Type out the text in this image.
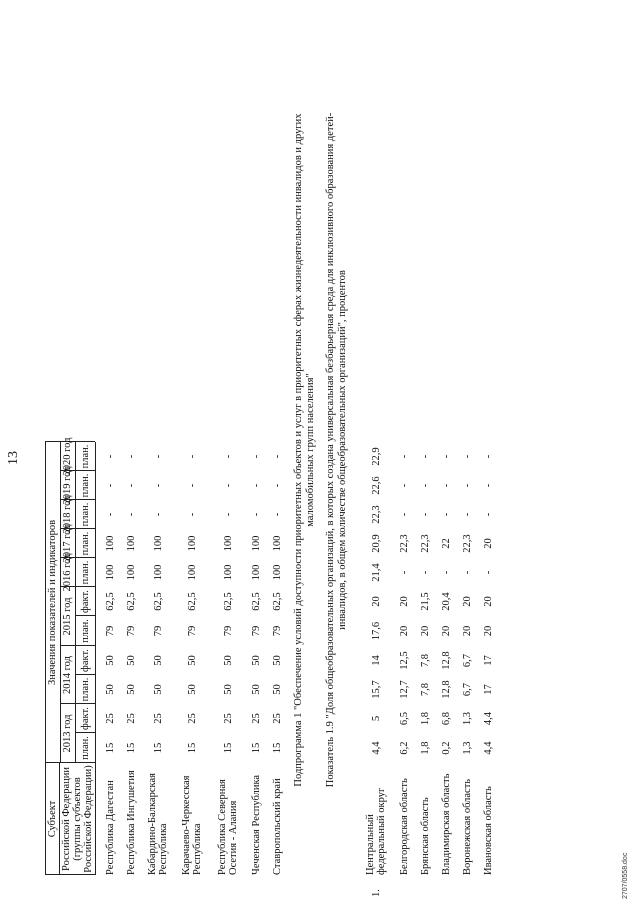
13
2013 год
2014 год
2015 год
2016 год
2017 год
2018 год
2019 год
2020 год
план.
факт.
план.
факт.
план.
факт.
план.
план.
план.
план.
план.
Субъект Российской Федерации (группы субъектов Российской Федерации)
Значения показателей и индикаторов
Республика Дагестан
15
25
50
50
79
62,5
100
100
-
-
-
Республика Ингушетия
15
25
50
50
79
62,5
100
100
-
-
-
Кабардино-Балкарская Республика
15
25
50
50
79
62,5
100
100
-
-
-
Карачаево-Черкесская Республика
15
25
50
50
79
62,5
100
100
-
-
-
Республика Северная Осетия - Алания
15
25
50
50
79
62,5
100
100
-
-
-
Чеченская Республика
15
25
50
50
79
62,5
100
100
-
-
-
Ставропольский край
15
25
50
50
79
62,5
100
100
-
-
- Подпрограмма 1 "Обеспечение условий доступности приоритетных объектов и услуг в приоритетных сферах жизнедеятельности инвалидов и других маломобильных групп населения" Показатель 1.9 "Доля общеобразовательных организаций, в которых создана универсальная безбарьерная среда для инклюзивного образования детей-инвалидов, в общем количестве общеобразовательных организаций", процентов
1.
Центральный федеральный округ
4,4
5
15,7
14
17,6
20
21,4
20,9
22,3
22,6
22,9
Белгородская область
6,2
6,5
12,7
12,5
20
20
-
22,3
-
-
-
Брянская область
1,8
1,8
7,8
7,8
20
21,5
-
22,3
-
-
-
Владимирская область
0,2
6,8
12,8
12,8
20
20,4
-
22
-
-
-
Воронежская область
1,3
1,3
6,7
6,7
20
20
-
22,3
-
-
-
Ивановская область
4,4
4,4
17
17
20
20
-
20
-
-
-
2707/0558.doc
